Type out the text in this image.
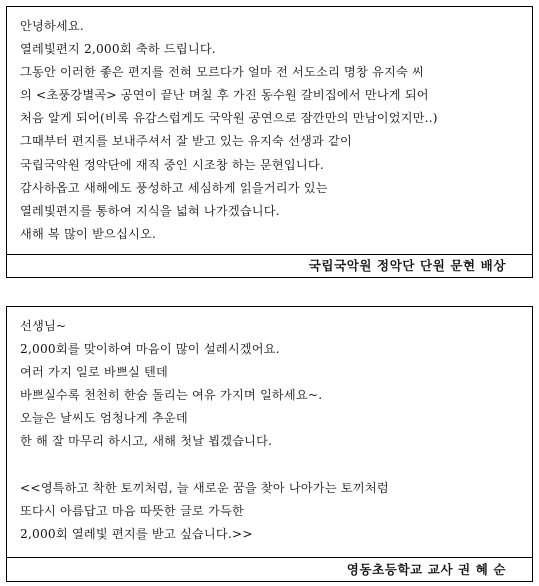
안녕하세요.
열레빛편지 2,000회 축하 드립니다.
그동안 이러한 좋은 편지를 전혀 모르다가 얼마 전 서도소리 명창 유지숙 씨
의 <초풍강별곡> 공연이 끝난 며칠 후 가진 동수원 갈비집에서 만나게 되어
처음 알게 되어(비록 유감스럽게도 국악원 공연으로 잠깐만의 만남이었지만..)
그때부터 편지를 보내주셔서 잘 받고 있는 유지숙 선생과 같이
국립국악원 정악단에 재직 중인 시조창 하는 문현입니다.
감사하옵고 새해에도 풍성하고 세심하게 읽을거리가 있는
열레빛편지를 통하여 지식을 넓혀 나가겠습니다.
새해 복 많이 받으십시오.
국립국악원 정악단 단원 문현 배상
선생님~
2,000회를 맞이하여 마음이 많이 설레시겠어요.
여러 가지 일로 바쁘실 텐데
바쁘실수록 천천히 한숨 돌리는 여유 가지며 일하세요~.
오늘은 날씨도 엄청나게 추운데
한 해 잘 마무리 하시고, 새해 첫날 뵙겠습니다.
<<영특하고 착한 토끼처럼, 늘 새로운 꿈을 찾아 나아가는 토끼처럼
또다시 아름답고 마음 따뜻한 글로 가득한
2,000회 열레빛 편지를 받고 싶습니다.>>
영동초등학교 교사 권 혜 순
